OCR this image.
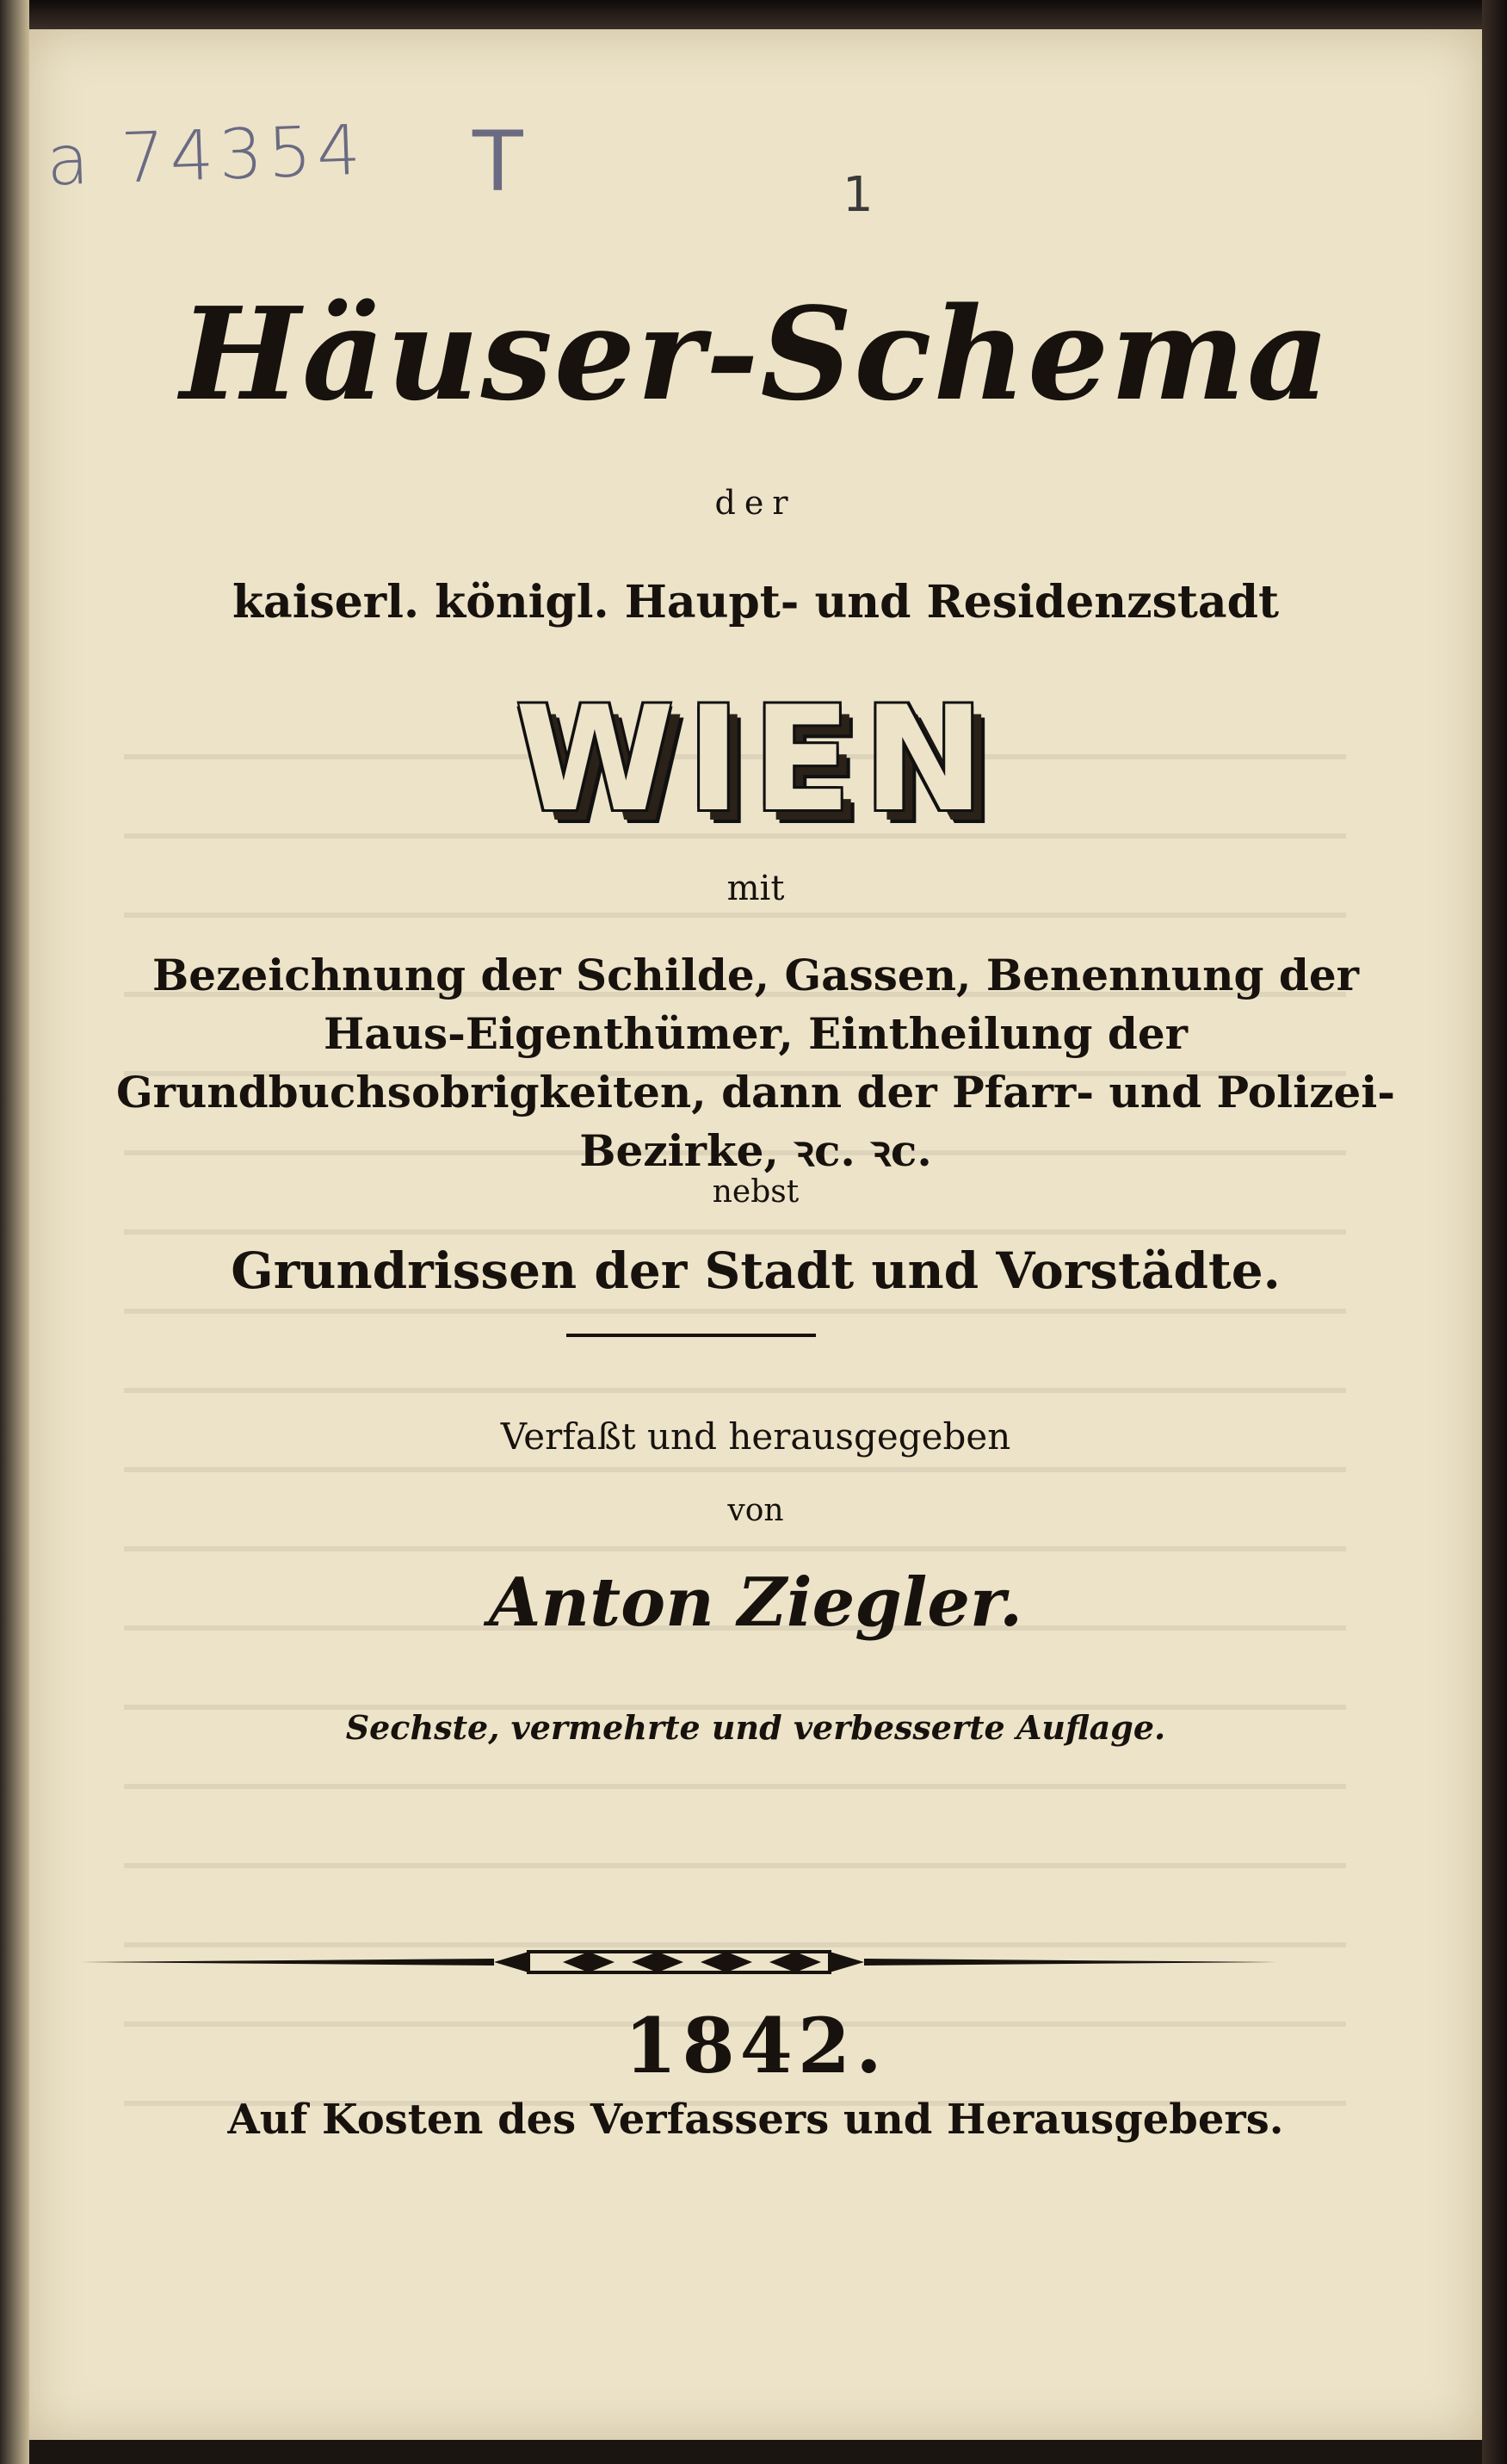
a 74354 T	1
Häuser-Schema
der
kaiserl. königl. Haupt- und Residenzstadt
WIEN
mit
Bezeichnung der Schilde, Gassen, Benennung der Haus-Eigenthümer, Eintheilung der Grundbuchsobrigkeiten, dann der Pfarr- und Polizei-Bezirke, ꝛc. ꝛc.
nebst
Grundrissen der Stadt und Vorstädte.
Verfaßt und herausgegeben
von
Anton Ziegler.
Sechste, vermehrte und verbesserte Auflage.
1842.
Auf Kosten des Verfassers und Herausgebers.
